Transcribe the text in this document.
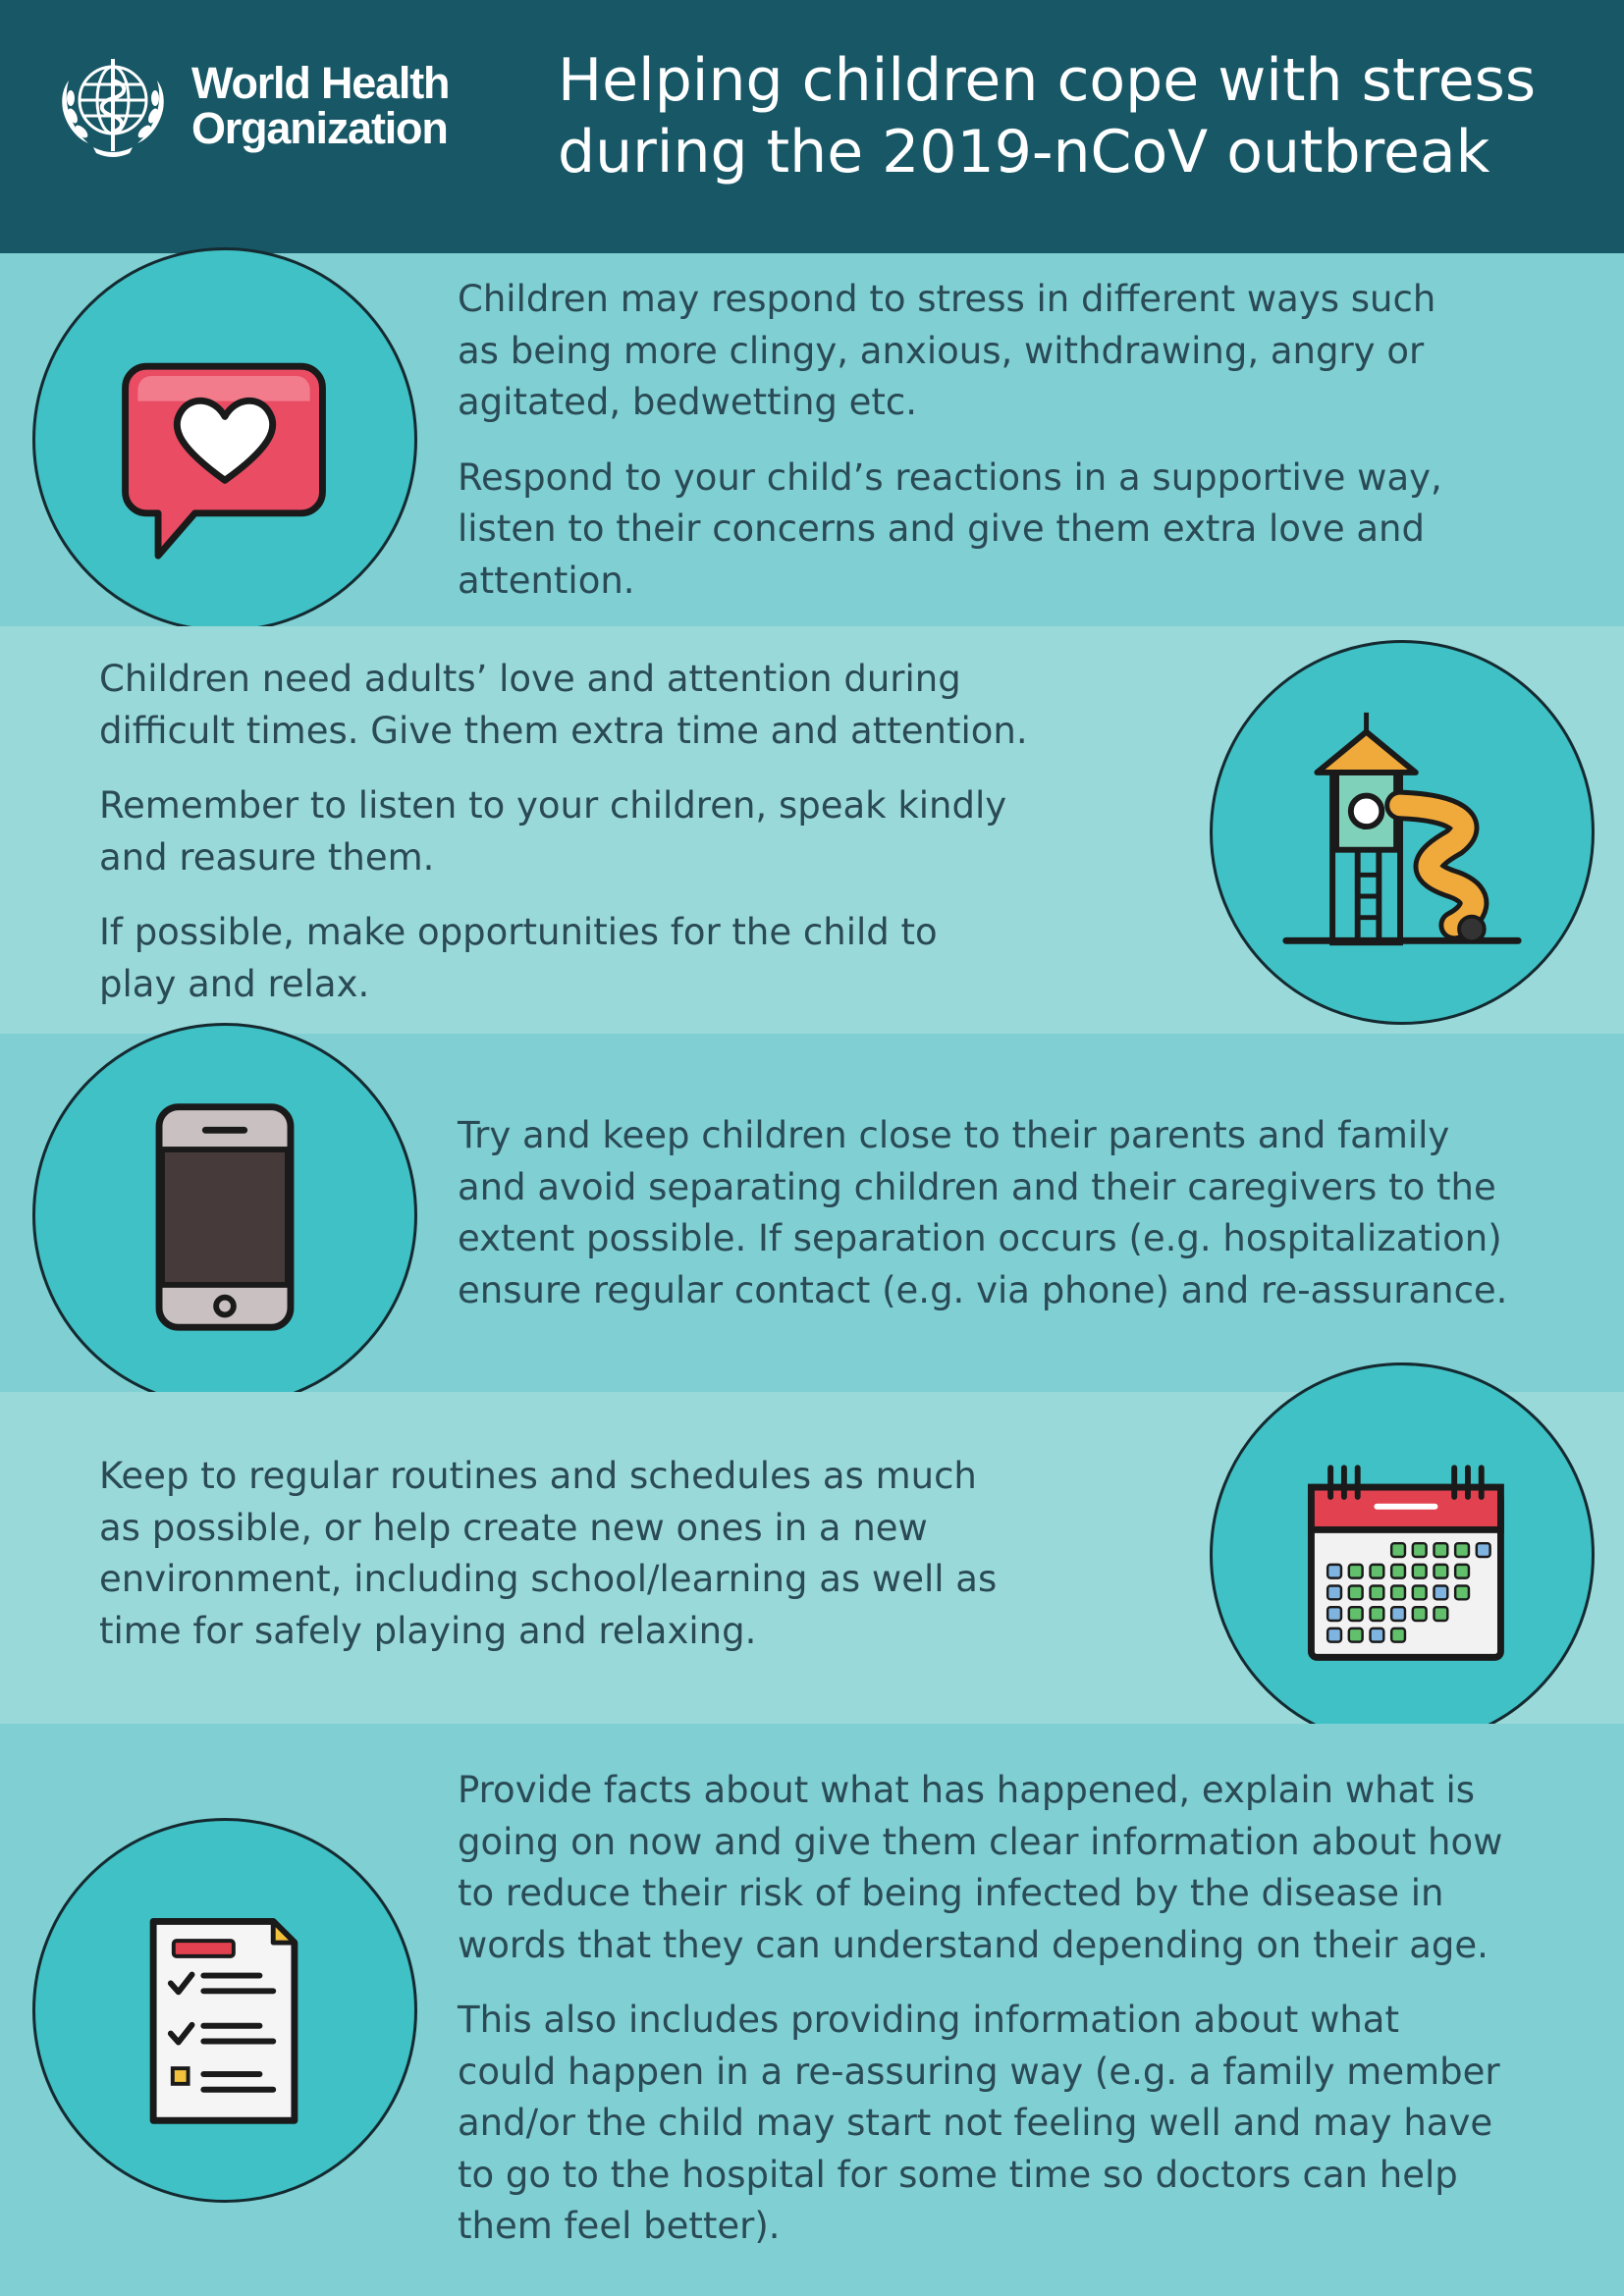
World Health
Organization
Helping children cope with stress
during the 2019-nCoV outbreak

Children may respond to stress in different ways such
as being more clingy, anxious, withdrawing, angry or
agitated, bedwetting etc.

Respond to your child’s reactions in a supportive way,
listen to their concerns and give them extra love and
attention.

Children need adults’ love and attention during
difficult times. Give them extra time and attention.

Remember to listen to your children, speak kindly
and reasure them.

If possible, make opportunities for the child to
play and relax.

Try and keep children close to their parents and family
and avoid separating children and their caregivers to the
extent possible. If separation occurs (e.g. hospitalization)
ensure regular contact (e.g. via phone) and re-assurance.

Keep to regular routines and schedules as much
as possible, or help create new ones in a new
environment, including school/learning as well as
time for safely playing and relaxing.

Provide facts about what has happened, explain what is
going on now and give them clear information about how
to reduce their risk of being infected by the disease in
words that they can understand depending on their age.

This also includes providing information about what
could happen in a re-assuring way (e.g. a family member
and/or the child may start not feeling well and may have
to go to the hospital for some time so doctors can help
them feel better).
